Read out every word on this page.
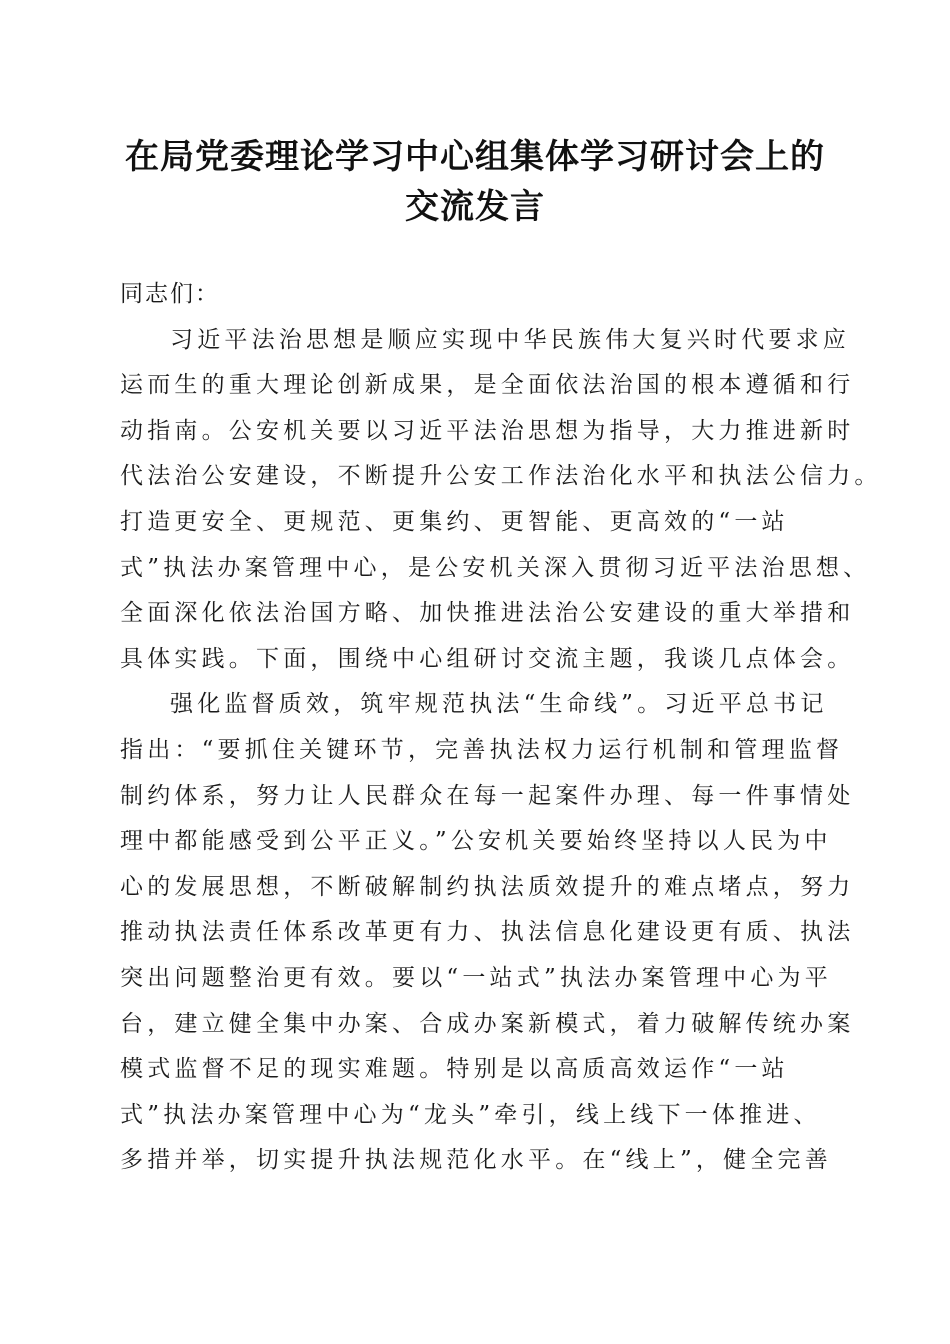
在局党委理论学习中心组集体学习研讨会上的
交流发言

同志们：

习近平法治思想是顺应实现中华民族伟大复兴时代要求应
运而生的重大理论创新成果，是全面依法治国的根本遵循和行
动指南。公安机关要以习近平法治思想为指导，大力推进新时
代法治公安建设，不断提升公安工作法治化水平和执法公信力。
打造更安全、更规范、更集约、更智能、更高效的“一站
式”执法办案管理中心，是公安机关深入贯彻习近平法治思想、
全面深化依法治国方略、加快推进法治公安建设的重大举措和
具体实践。下面，围绕中心组研讨交流主题，我谈几点体会。

强化监督质效，筑牢规范执法“生命线”。习近平总书记
指出：“要抓住关键环节，完善执法权力运行机制和管理监督
制约体系，努力让人民群众在每一起案件办理、每一件事情处
理中都能感受到公平正义。”公安机关要始终坚持以人民为中
心的发展思想，不断破解制约执法质效提升的难点堵点，努力
推动执法责任体系改革更有力、执法信息化建设更有质、执法
突出问题整治更有效。要以“一站式”执法办案管理中心为平
台，建立健全集中办案、合成办案新模式，着力破解传统办案
模式监督不足的现实难题。特别是以高质高效运作“一站
式”执法办案管理中心为“龙头”牵引，线上线下一体推进、
多措并举，切实提升执法规范化水平。在“线上”，健全完善
